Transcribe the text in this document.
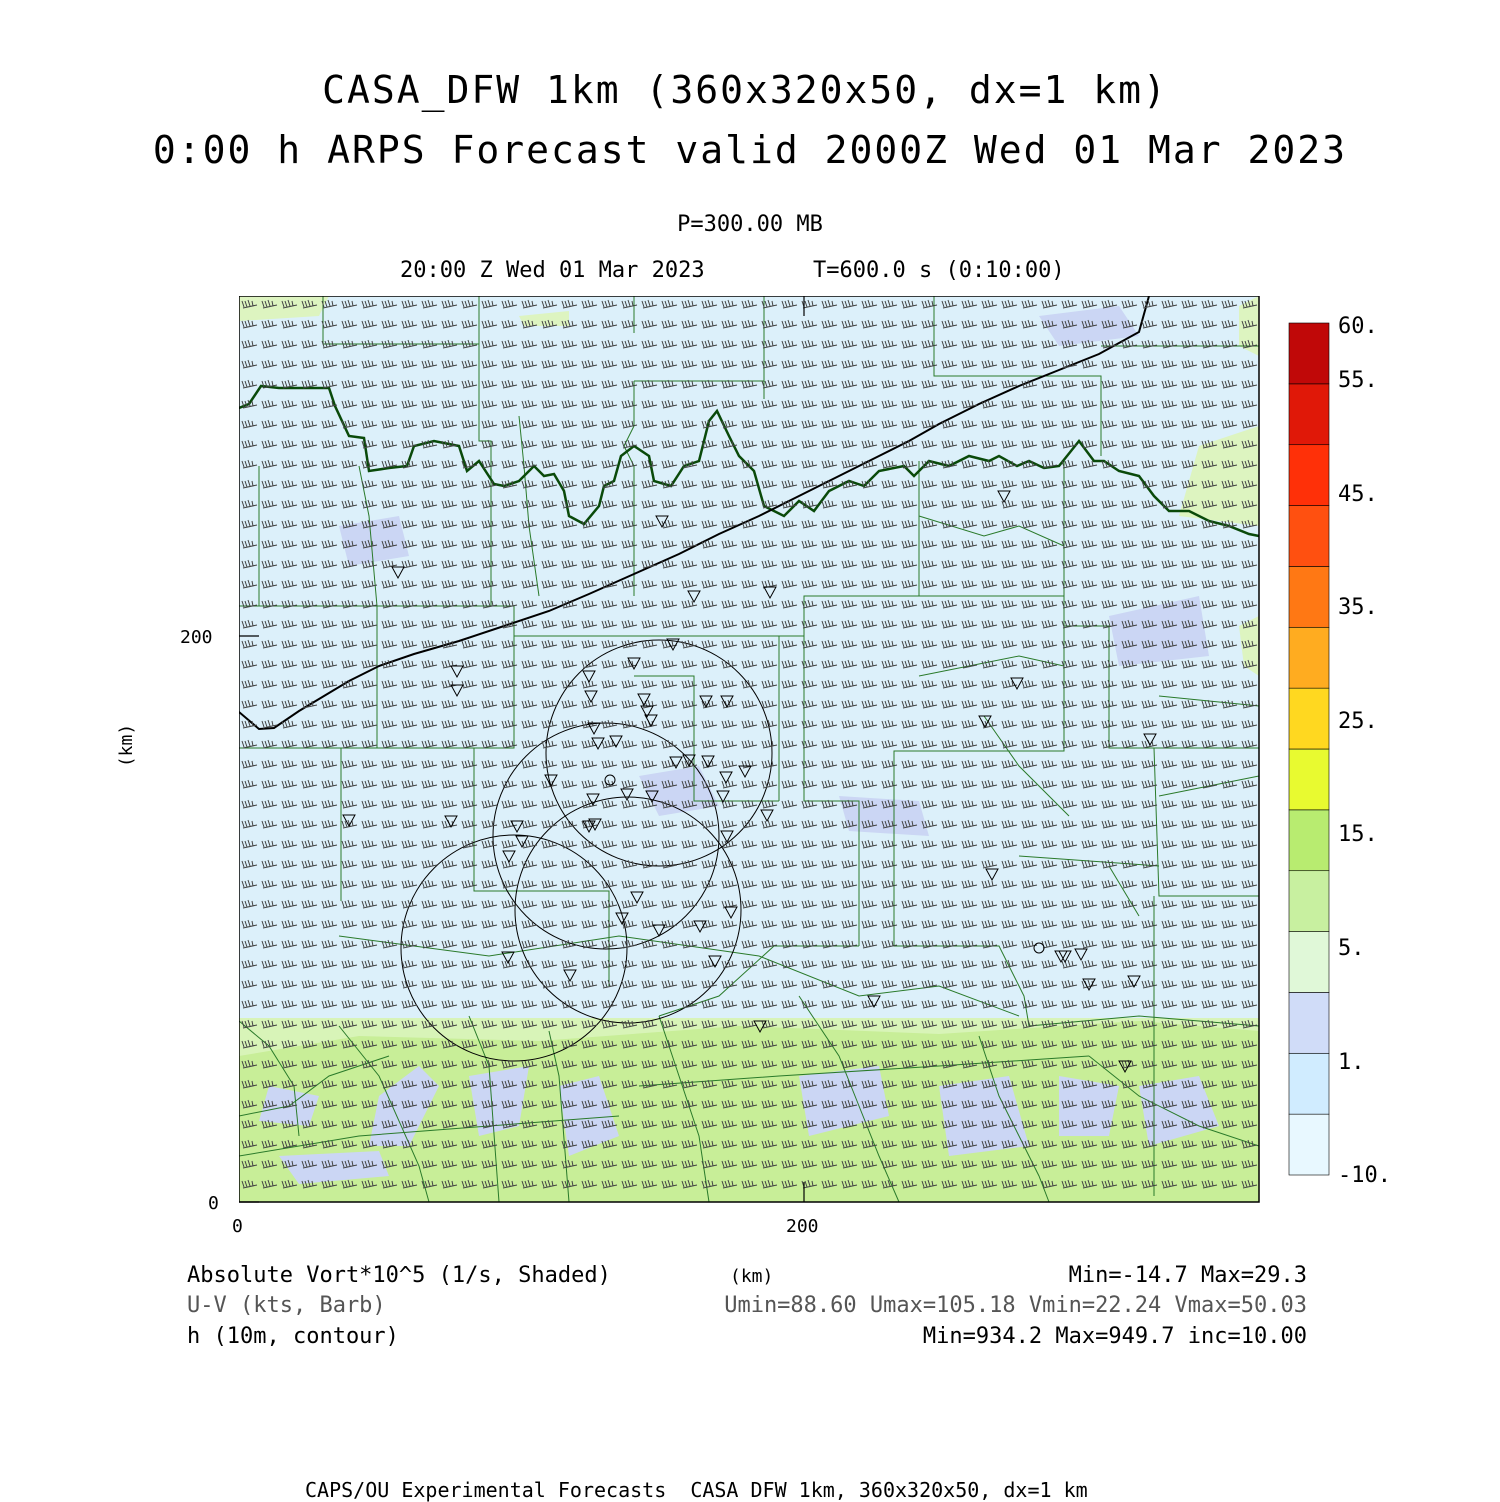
CASA_DFW 1km (360x320x50, dx=1 km)
0:00 h ARPS Forecast valid 2000Z Wed 01 Mar 2023
P=300.00 MB
20:00 Z Wed 01 Mar 2023	T=600.0 s (0:10:00)
200
0
0	200
(km)
60.
55.
45.
35.
25.
15.
5.
1.
-10.
Absolute Vort*10^5 (1/s, Shaded)	(km)	Min=-14.7 Max=29.3
U-V (kts, Barb)	Umin=88.60 Umax=105.18 Vmin=22.24 Vmax=50.03
h (10m, contour)	Min=934.2 Max=949.7 inc=10.00
CAPS/OU Experimental Forecasts  CASA DFW 1km, 360x320x50, dx=1 km
